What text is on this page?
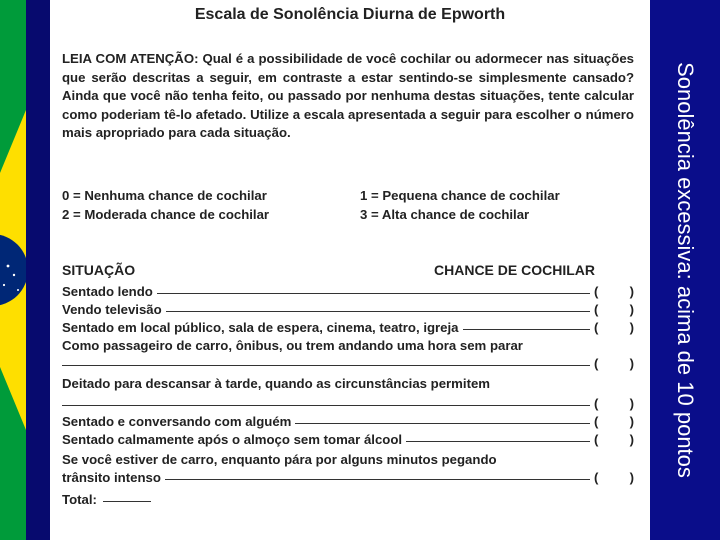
Escala de Sonolência Diurna de Epworth
LEIA COM ATENÇÃO: Qual é a possibilidade de você cochilar ou adormecer nas situações que serão descritas a seguir, em contraste a estar sentindo-se simplesmente cansado? Ainda que você não tenha feito, ou passado por nenhuma destas situações, tente calcular como poderiam tê-lo afetado. Utilize a escala apresentada a seguir para escolher o número mais apropriado para cada situação.
0 = Nenhuma chance de cochilar	1 = Pequena chance de cochilar
2 = Moderada chance de cochilar	3 = Alta chance de cochilar
SITUAÇÃO	CHANCE DE COCHILAR
Sentado lendo	( )
Vendo televisão	( )
Sentado em local público, sala de espera, cinema, teatro, igreja	( )
Como passageiro de carro, ônibus, ou trem andando uma hora sem parar
( )
Deitado para descansar à tarde, quando as circunstâncias permitem
( )
Sentado e conversando com alguém	( )
Sentado calmamente após o almoço sem tomar álcool	( )
Se você estiver de carro, enquanto pára por alguns minutos pegando
trânsito intenso	( )
Total:
Sonolência excessiva: acima de 10 pontos
